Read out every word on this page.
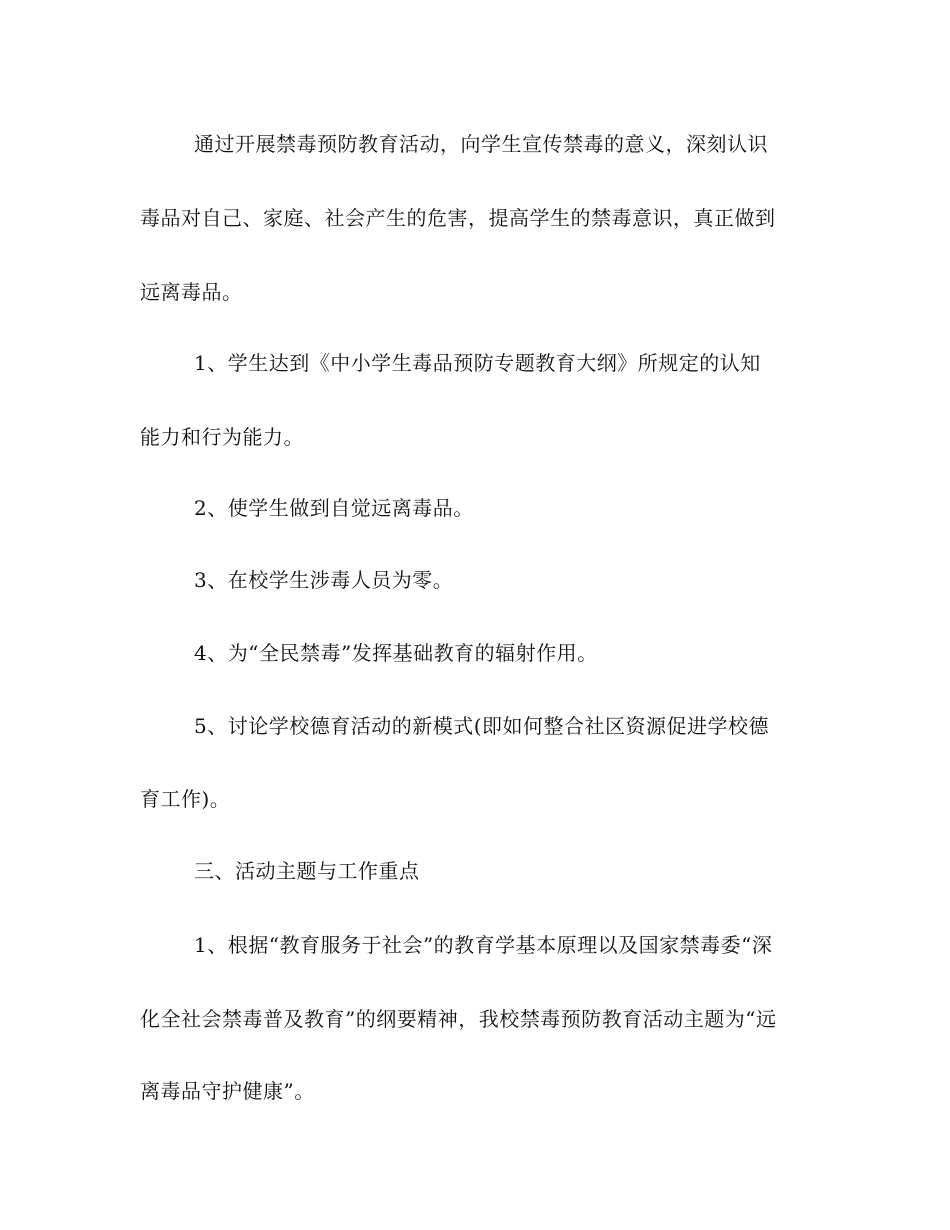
通过开展禁毒预防教育活动，向学生宣传禁毒的意义，深刻认识
毒品对自己、家庭、社会产生的危害，提高学生的禁毒意识，真正做到
远离毒品。
1、学生达到《中小学生毒品预防专题教育大纲》所规定的认知
能力和行为能力。
2、使学生做到自觉远离毒品。
3、在校学生涉毒人员为零。
4、为“全民禁毒”发挥基础教育的辐射作用。
5、讨论学校德育活动的新模式(即如何整合社区资源促进学校德
育工作)。
三、活动主题与工作重点
1、根据“教育服务于社会”的教育学基本原理以及国家禁毒委“深
化全社会禁毒普及教育”的纲要精神，我校禁毒预防教育活动主题为“远
离毒品守护健康”。
